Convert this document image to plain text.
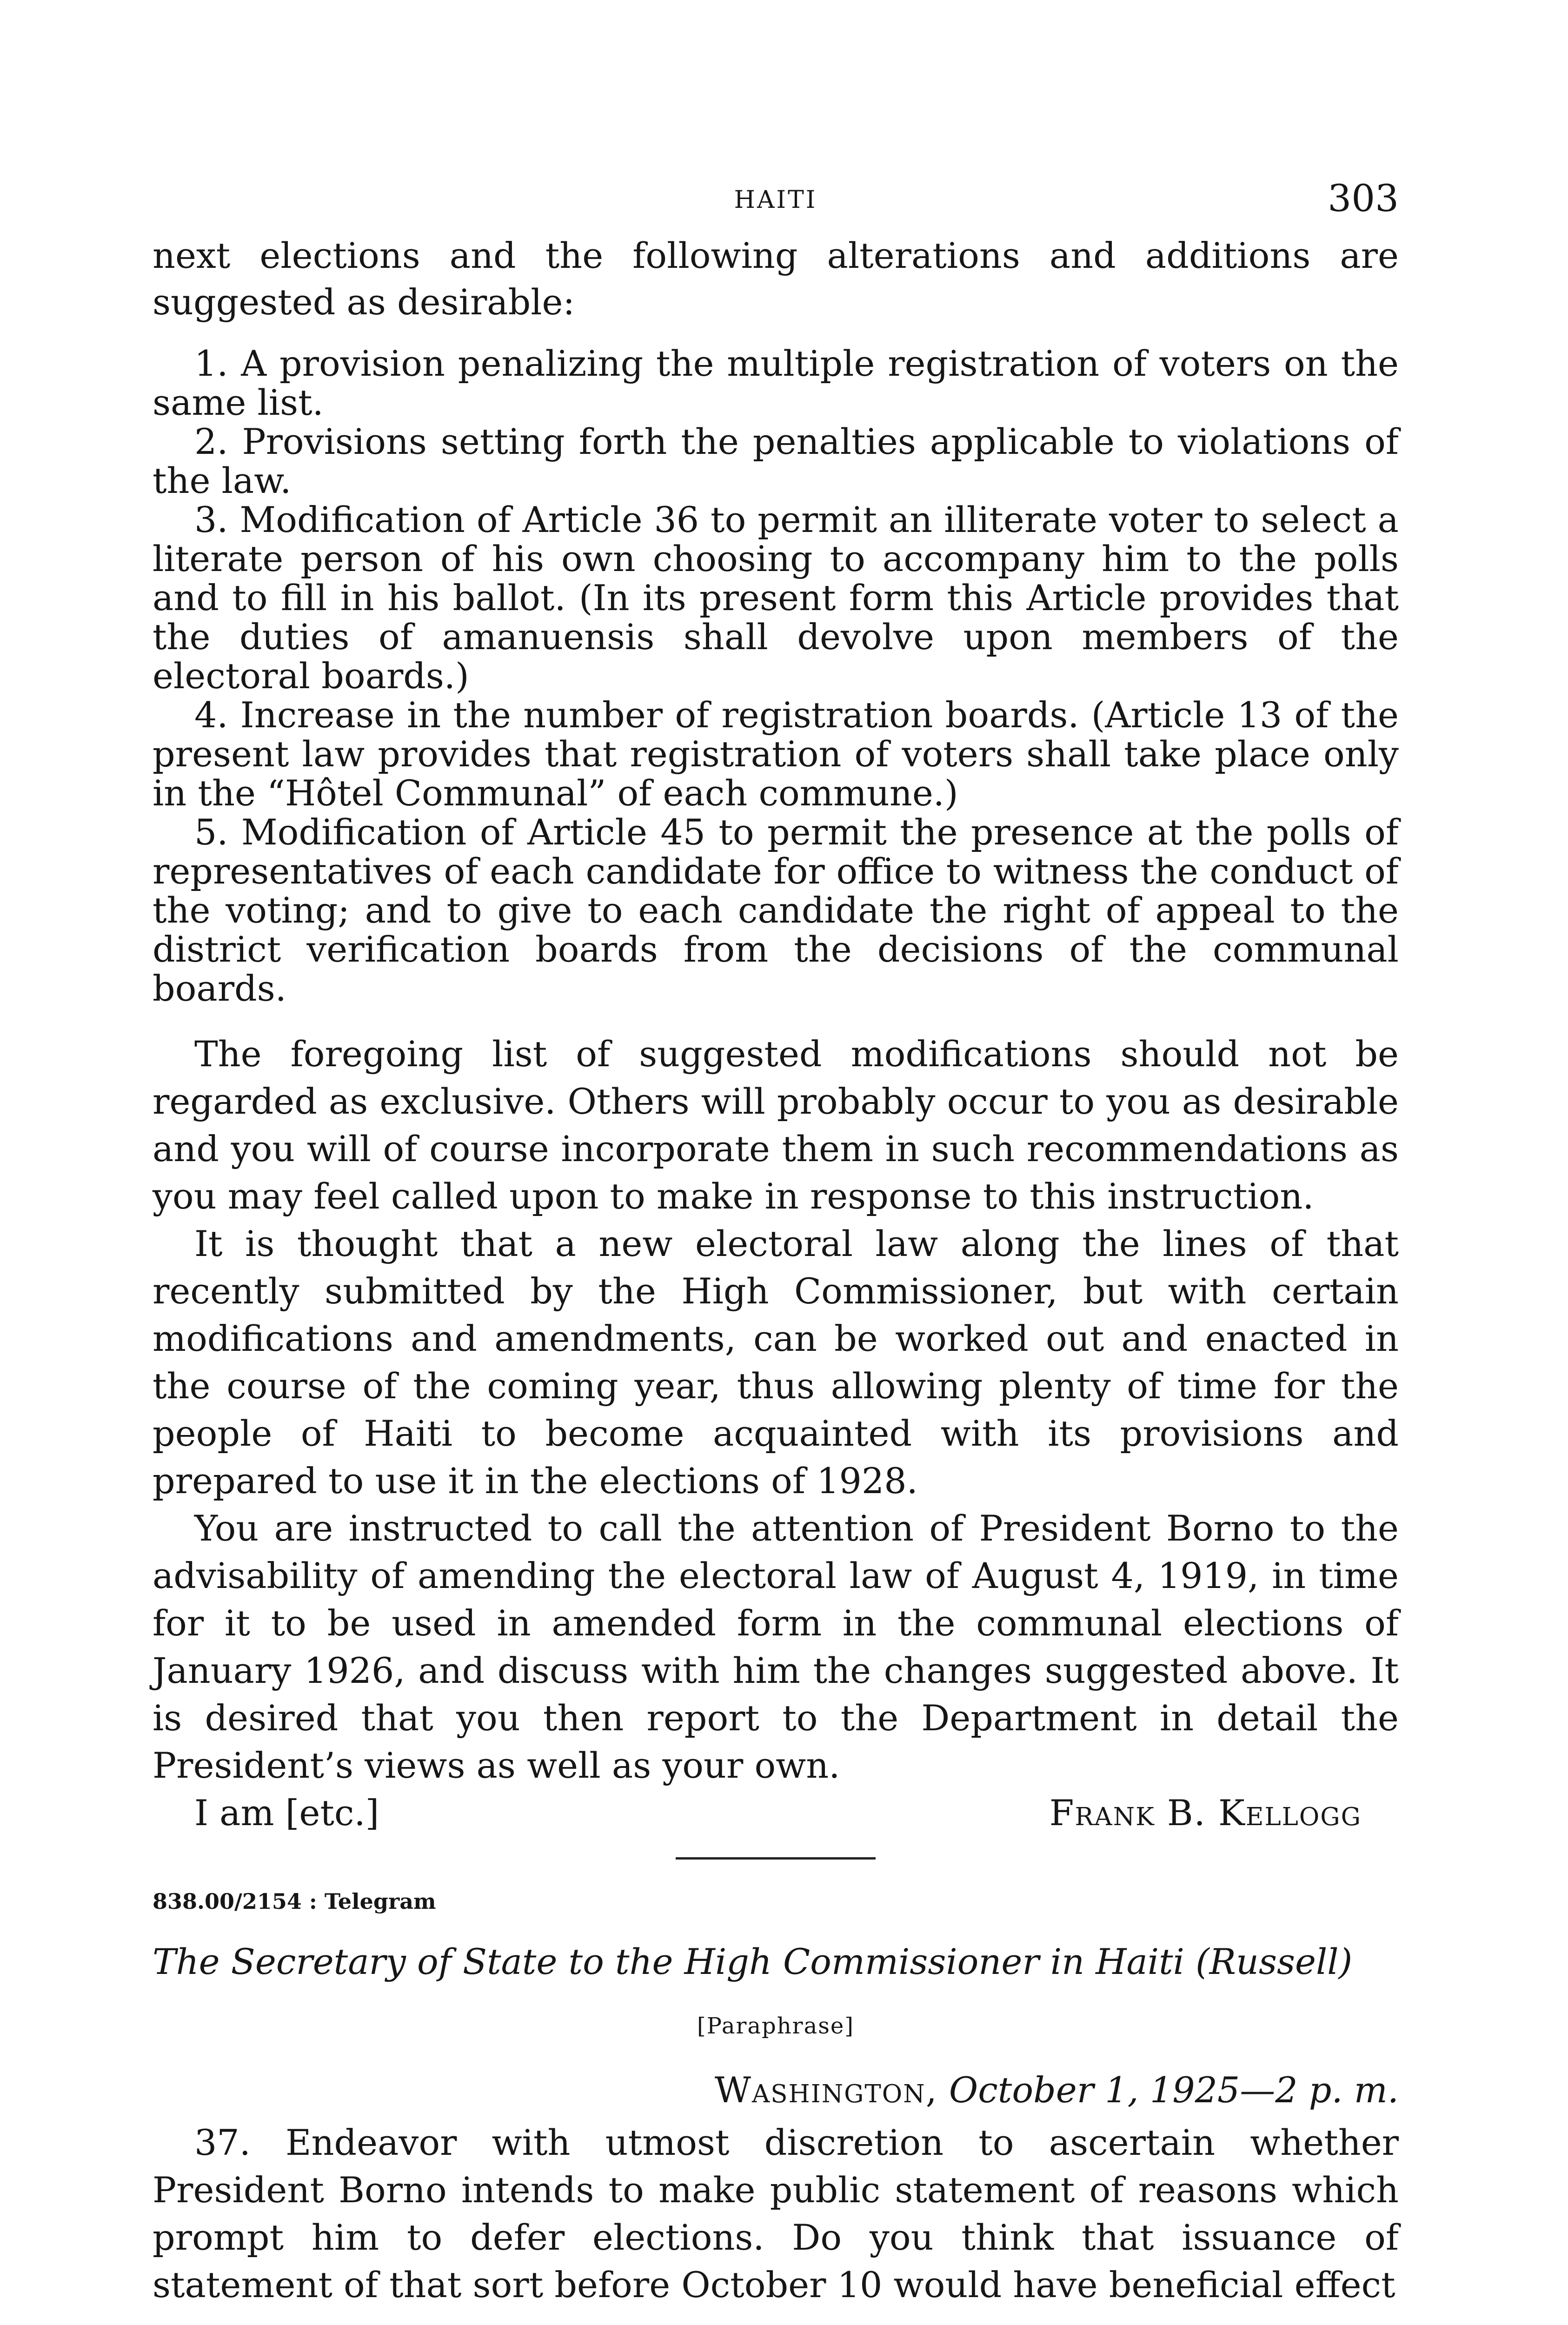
HAITI	303

next elections and the following alterations and additions are suggested as desirable:

1. A provision penalizing the multiple registration of voters on the same list.

2. Provisions setting forth the penalties applicable to violations of the law.

3. Modification of Article 36 to permit an illiterate voter to select a literate person of his own choosing to accompany him to the polls and to fill in his ballot. (In its present form this Article provides that the duties of amanuensis shall devolve upon members of the electoral boards.)

4. Increase in the number of registration boards. (Article 13 of the present law provides that registration of voters shall take place only in the “Hôtel Communal” of each commune.)

5. Modification of Article 45 to permit the presence at the polls of representatives of each candidate for office to witness the conduct of the voting; and to give to each candidate the right of appeal to the district verification boards from the decisions of the communal boards.

The foregoing list of suggested modifications should not be regarded as exclusive. Others will probably occur to you as desirable and you will of course incorporate them in such recommendations as you may feel called upon to make in response to this instruction.

It is thought that a new electoral law along the lines of that recently submitted by the High Commissioner, but with certain modifications and amendments, can be worked out and enacted in the course of the coming year, thus allowing plenty of time for the people of Haiti to become acquainted with its provisions and prepared to use it in the elections of 1928.

You are instructed to call the attention of President Borno to the advisability of amending the electoral law of August 4, 1919, in time for it to be used in amended form in the communal elections of January 1926, and discuss with him the changes suggested above. It is desired that you then report to the Department in detail the President’s views as well as your own.

I am [etc.]	Frank B. Kellogg
838.00/2154 : Telegram
The Secretary of State to the High Commissioner in Haiti (Russell)
[Paraphrase]
Washington, October 1, 1925—2 p. m.

37. Endeavor with utmost discretion to ascertain whether President Borno intends to make public statement of reasons which prompt him to defer elections. Do you think that issuance of statement of that sort before October 10 would have beneficial effect
